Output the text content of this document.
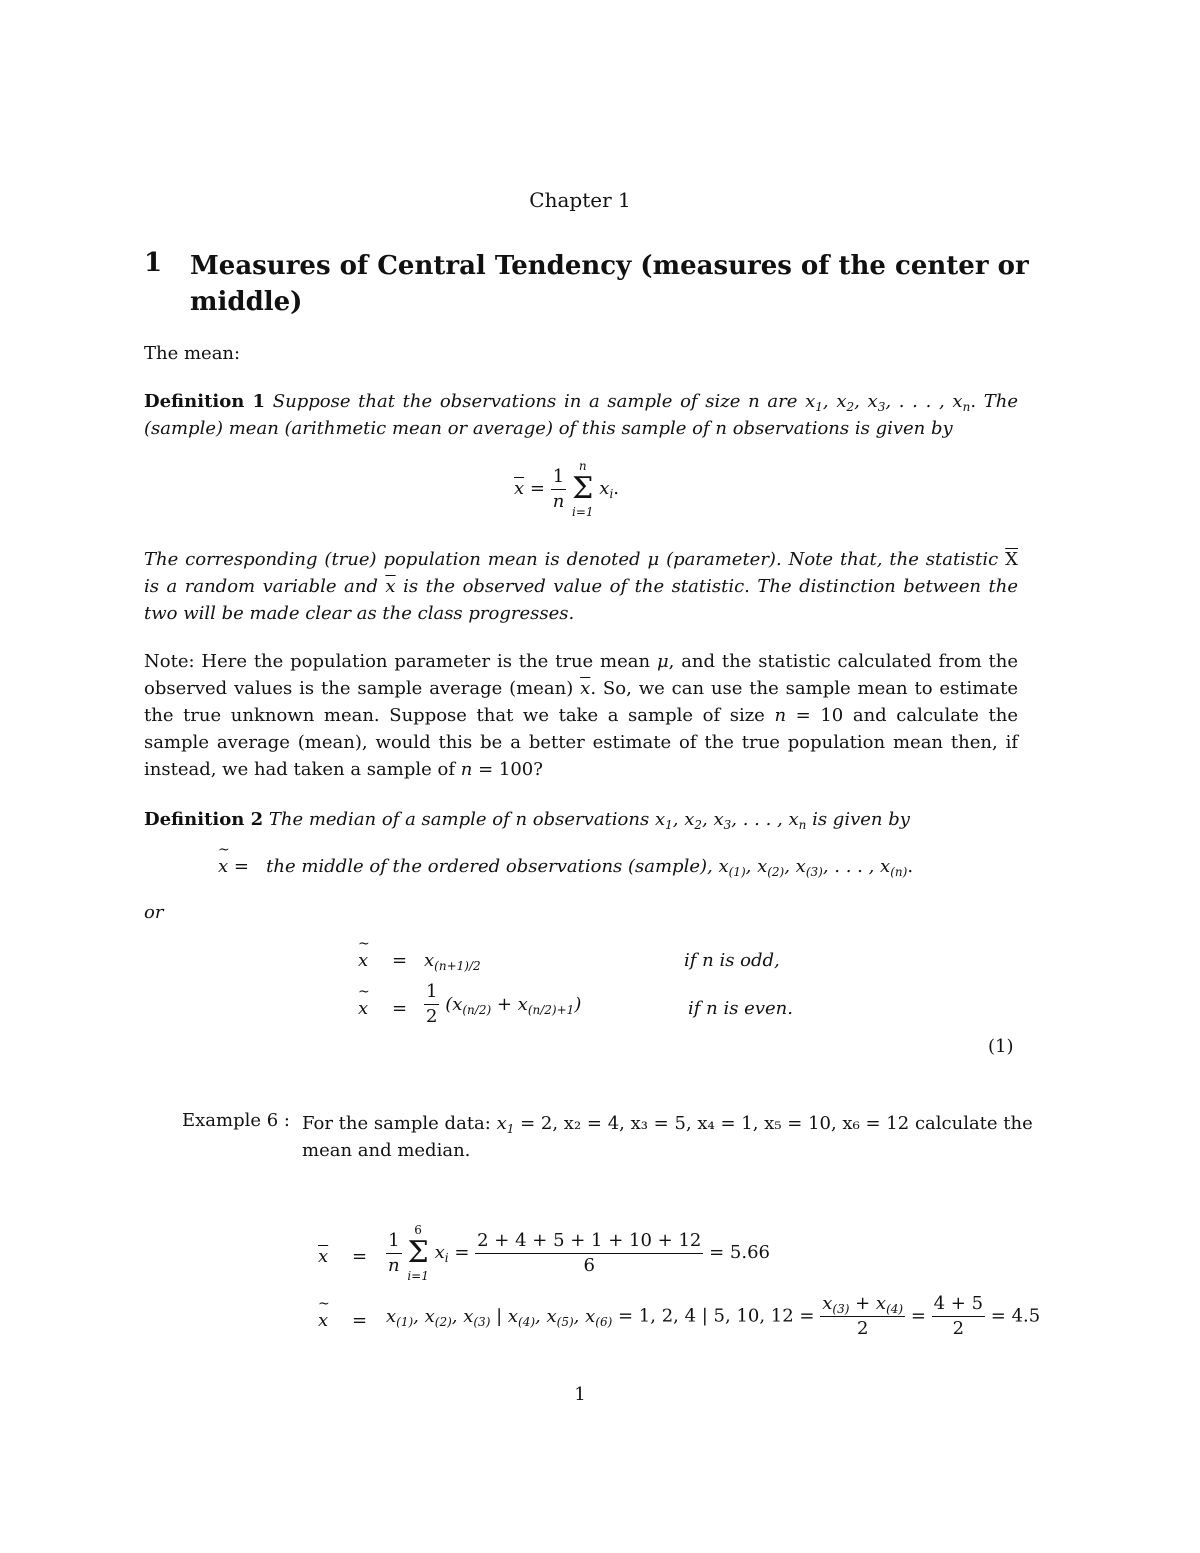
Chapter 1
1 Measures of Central Tendency (measures of the center or middle)
The mean:
Definition 1 Suppose that the observations in a sample of size n are $x_1$, $x_2$, $x_3$, . . . , $x_n$. The (sample) mean (arithmetic mean or average) of this sample of n observations is given by
$\overline{x} = \frac{1}{n}$
	n
Σ
i=1
$x_i$.
The corresponding (true) population mean is denoted μ (parameter). Note that, the statistic $\overline{X}$ is a random variable and $\overline{x}$ is the observed value of the statistic. The distinction between the two will be made clear as the class progresses.
Note: Here the population parameter is the true mean μ, and the statistic calculated from the observed values is the sample average (mean) $\overline{x}$. So, we can use the sample mean to estimate the true unknown mean. Suppose that we take a sample of size n = 10 and calculate the sample average (mean), would this be a better estimate of the true population mean then, if instead, we had taken a sample of n = 100?
Definition 2 The median of a sample of n observations $x_1$, $x_2$, $x_3$, . . . , $x_n$ is given by
~ x =   the middle of the ordered observations (sample), $x_{(1)}$, $x_{(2)}$, $x_{(3)}$, . . . , $x_{(n)}$.
or
~ $x = x_{(n+1)/2}$	if n is odd,
~ $x = \frac{1}{2} (x_{(n/2)} + x_{(n/2)+1})$	if n is even.
(1)
Example 6 : For the sample data: $x_1 = 2$, x₂ = 4, x₃ = 5, x₄ = 1, x₅ = 10, x₆ = 12 calculate the
mean and median.
$\overline{x} = \frac{1}{n}$
	6
Σ
i=1
$x_i = \frac{2 + 4 + 5 + 1 + 10 + 12}{6} = 5.66$
~ $x = x_{(1)}$, $x_{(2)}$, $x_{(3)}$ | $x_{(4)}$, $x_{(5)}$, $x_{(6)} = 1$, 2, 4 | 5, 10, $12 = \frac{x_{(3)} + x_{(4)}}{2} = \frac{4 + 5}{2} = 4.5$
1
